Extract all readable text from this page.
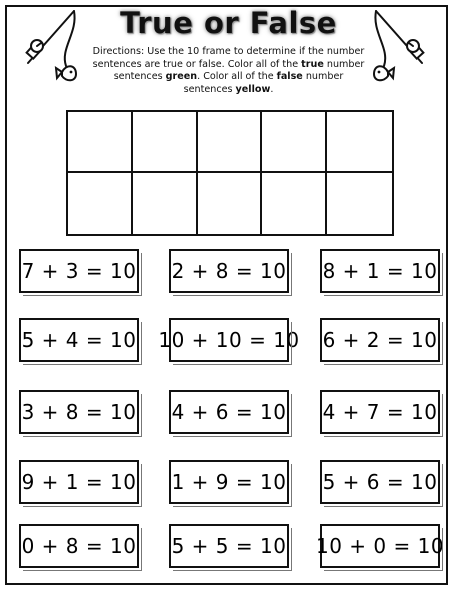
True or False
Directions: Use the 10 frame to determine if the number sentences are true or false. Color all of the true number sentences green. Color all of the false number sentences yellow.
7 + 3 = 10 2 + 8 = 10 8 + 1 = 10
5 + 4 = 10 10 + 10 = 10 6 + 2 = 10
3 + 8 = 10 4 + 6 = 10 4 + 7 = 10
9 + 1 = 10 1 + 9 = 10 5 + 6 = 10
0 + 8 = 10 5 + 5 = 10 10 + 0 = 10
